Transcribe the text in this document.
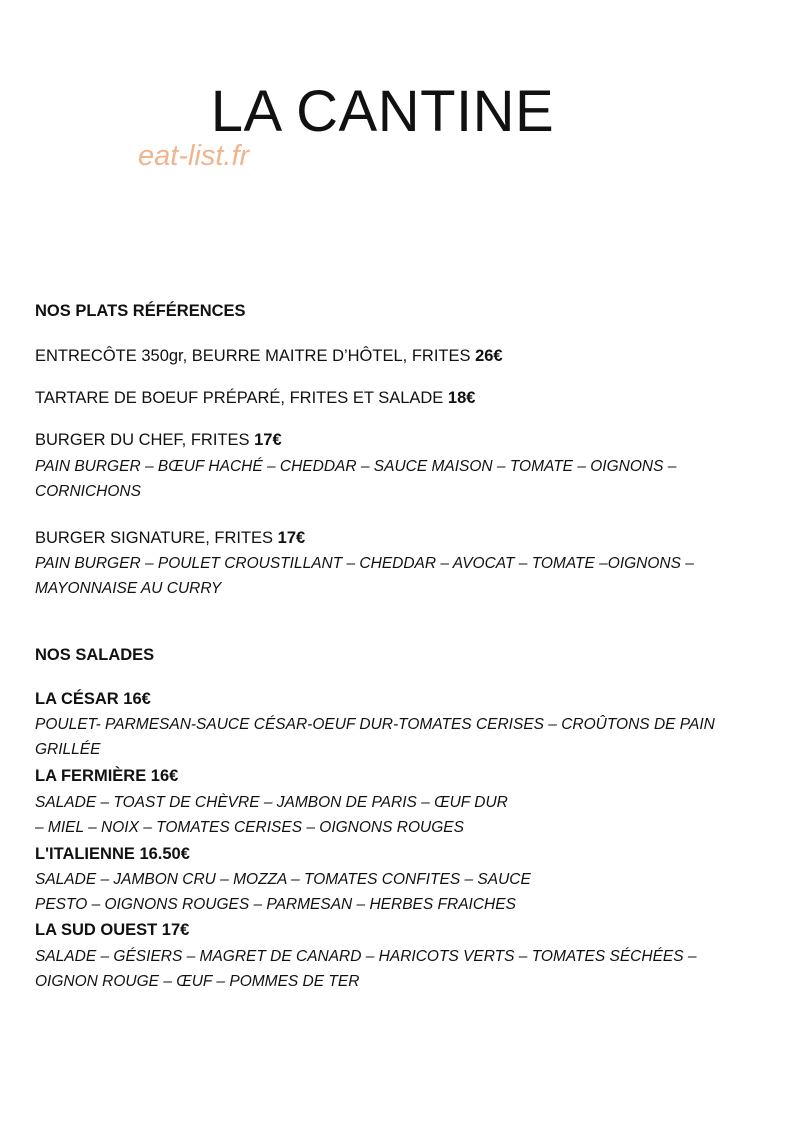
LA CANTINE
eat-list.fr

NOS PLATS RÉFÉRENCES

ENTRECÔTE 350gr, BEURRE MAITRE D’HÔTEL, FRITES 26€

TARTARE DE BOEUF PRÉPARÉ, FRITES ET SALADE 18€

BURGER DU CHEF, FRITES 17€

PAIN BURGER – BŒUF HACHÉ – CHEDDAR – SAUCE MAISON – TOMATE – OIGNONS –

CORNICHONS

BURGER SIGNATURE, FRITES 17€

PAIN BURGER – POULET CROUSTILLANT – CHEDDAR – AVOCAT – TOMATE –OIGNONS –

MAYONNAISE AU CURRY

NOS SALADES

LA CÉSAR 16€

POULET- PARMESAN-SAUCE CÉSAR-OEUF DUR-TOMATES CERISES – CROÛTONS DE PAIN

GRILLÉE

LA FERMIÈRE 16€

SALADE – TOAST DE CHÈVRE – JAMBON DE PARIS – ŒUF DUR

– MIEL – NOIX – TOMATES CERISES – OIGNONS ROUGES

L'ITALIENNE 16.50€

SALADE – JAMBON CRU – MOZZA – TOMATES CONFITES – SAUCE

PESTO – OIGNONS ROUGES – PARMESAN – HERBES FRAICHES

LA SUD OUEST 17€

SALADE – GÉSIERS – MAGRET DE CANARD – HARICOTS VERTS – TOMATES SÉCHÉES –

OIGNON ROUGE – ŒUF – POMMES DE TER
